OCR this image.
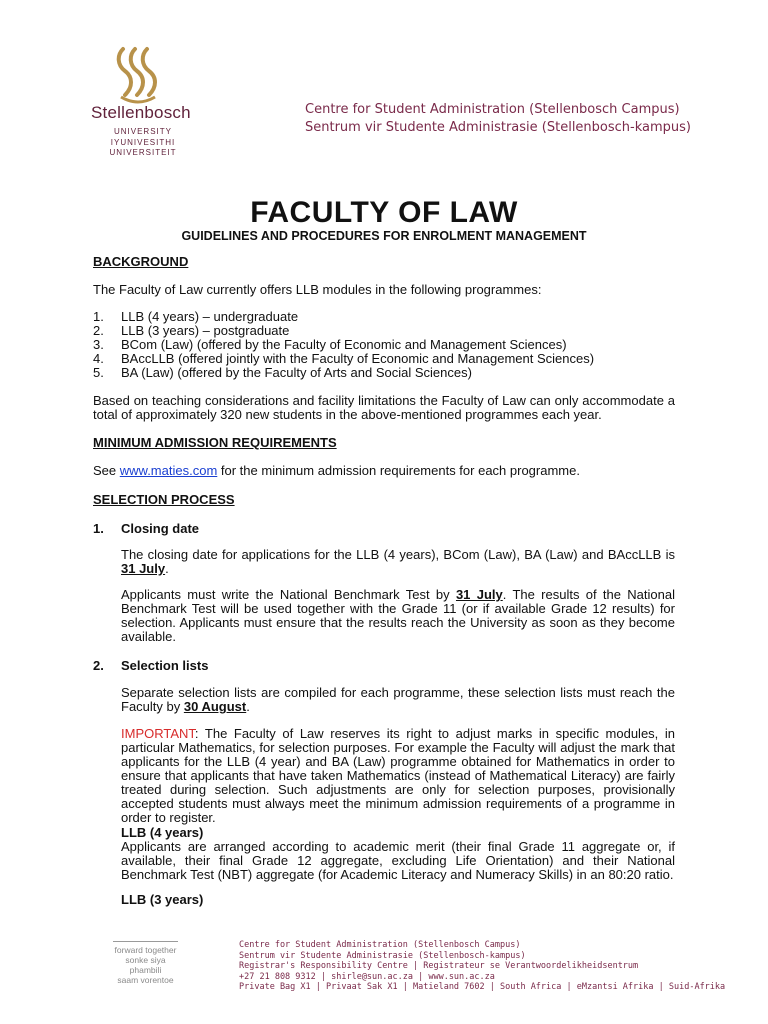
Stellenbosch
UNIVERSITY
IYUNIVESITHI
UNIVERSITEIT
Centre for Student Administration (Stellenbosch Campus)
Sentrum vir Studente Administrasie (Stellenbosch-kampus)
FACULTY OF LAW
GUIDELINES AND PROCEDURES FOR ENROLMENT MANAGEMENT
BACKGROUND
The Faculty of Law currently offers LLB modules in the following programmes:
1.	LLB (4 years) – undergraduate
2.	LLB (3 years) – postgraduate
3.	BCom (Law) (offered by the Faculty of Economic and Management Sciences)
4.	BAccLLB (offered jointly with the Faculty of Economic and Management Sciences)
5.	BA (Law) (offered by the Faculty of Arts and Social Sciences)
Based on teaching considerations and facility limitations the Faculty of Law can only accommodate a total of approximately 320 new students in the above-mentioned programmes each year.
MINIMUM ADMISSION REQUIREMENTS
See www.maties.com for the minimum admission requirements for each programme.
SELECTION PROCESS
1. Closing date
The closing date for applications for the LLB (4 years), BCom (Law), BA (Law) and BAccLLB is 31 July.
Applicants must write the National Benchmark Test by 31 July. The results of the National Benchmark Test will be used together with the Grade 11 (or if available Grade 12 results) for selection. Applicants must ensure that the results reach the University as soon as they become available.
2. Selection lists
Separate selection lists are compiled for each programme, these selection lists must reach the Faculty by 30 August.
IMPORTANT: The Faculty of Law reserves its right to adjust marks in specific modules, in particular Mathematics, for selection purposes. For example the Faculty will adjust the mark that applicants for the LLB (4 year) and BA (Law) programme obtained for Mathematics in order to ensure that applicants that have taken Mathematics (instead of Mathematical Literacy) are fairly treated during selection. Such adjustments are only for selection purposes, provisionally accepted students must always meet the minimum admission requirements of a programme in order to register.
LLB (4 years)
Applicants are arranged according to academic merit (their final Grade 11 aggregate or, if available, their final Grade 12 aggregate, excluding Life Orientation) and their National Benchmark Test (NBT) aggregate (for Academic Literacy and Numeracy Skills) in an 80:20 ratio.
LLB (3 years)
forward together
sonke siya phambili
saam vorentoe
Centre for Student Administration (Stellenbosch Campus)
Sentrum vir Studente Administrasie (Stellenbosch-kampus)
Registrar's Responsibility Centre | Registrateur se Verantwoordelikheidsentrum
+27 21 808 9312 | shirle@sun.ac.za | www.sun.ac.za
Private Bag X1 | Privaat Sak X1 | Matieland 7602 | South Africa | eMzantsi Afrika | Suid-Afrika
